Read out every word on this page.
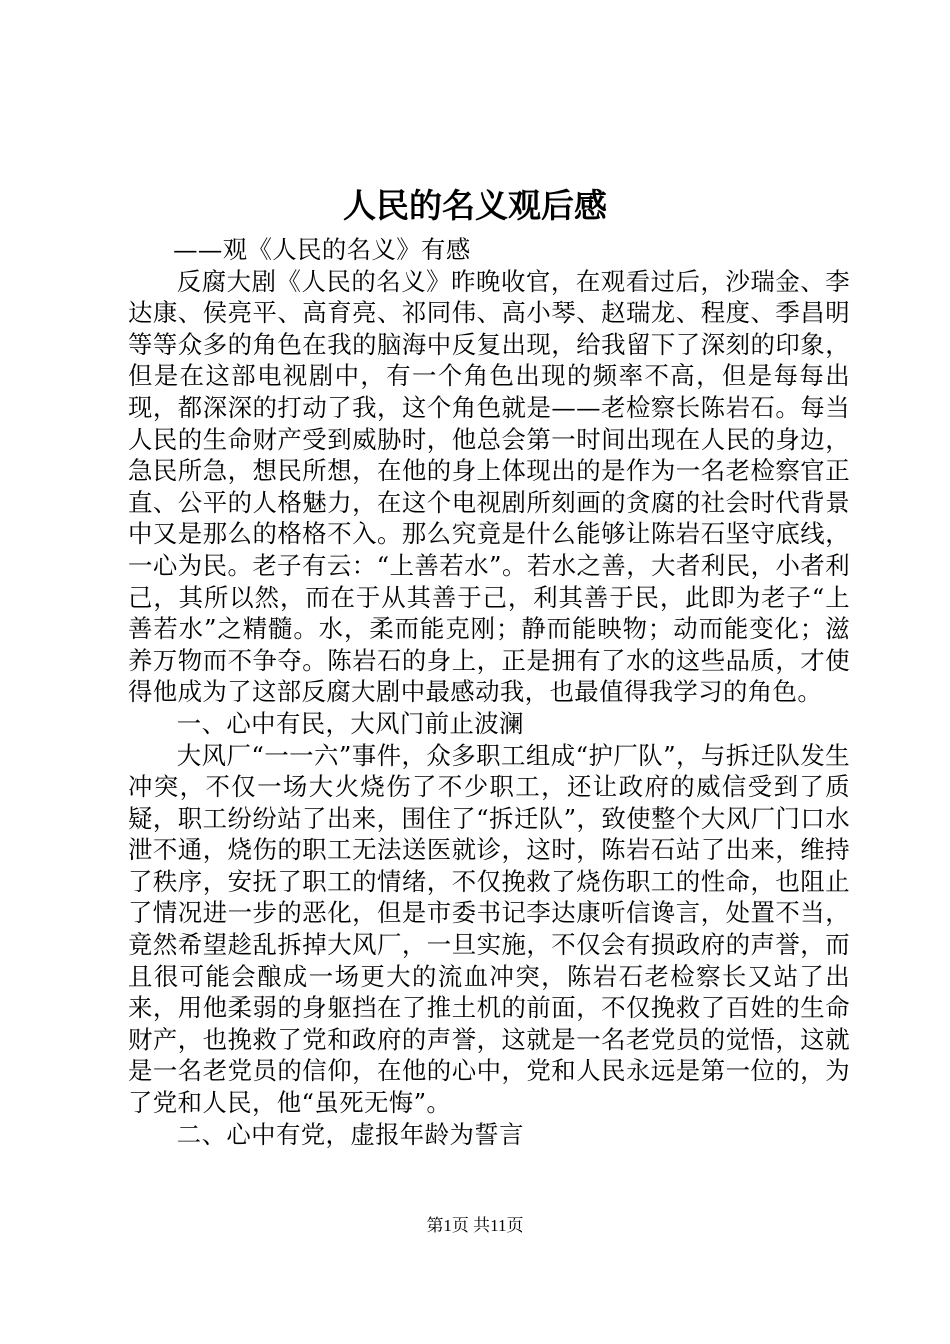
人民的名义观后感

——观《人民的名义》有感

反腐大剧《人民的名义》昨晚收官，在观看过后，沙瑞金、李达康、侯亮平、高育亮、祁同伟、高小琴、赵瑞龙、程度、季昌明等等众多的角色在我的脑海中反复出现，给我留下了深刻的印象，但是在这部电视剧中，有一个角色出现的频率不高，但是每每出现，都深深的打动了我，这个角色就是——老检察长陈岩石。每当人民的生命财产受到威胁时，他总会第一时间出现在人民的身边，急民所急，想民所想，在他的身上体现出的是作为一名老检察官正直、公平的人格魅力，在这个电视剧所刻画的贪腐的社会时代背景中又是那么的格格不入。那么究竟是什么能够让陈岩石坚守底线，一心为民。老子有云：“上善若水”。若水之善，大者利民，小者利己，其所以然，而在于从其善于己，利其善于民，此即为老子“上善若水”之精髓。水，柔而能克刚；静而能映物；动而能变化；滋养万物而不争夺。陈岩石的身上，正是拥有了水的这些品质，才使得他成为了这部反腐大剧中最感动我，也最值得我学习的角色。

一、心中有民，大风门前止波澜

大风厂“一一六”事件，众多职工组成“护厂队”，与拆迁队发生冲突，不仅一场大火烧伤了不少职工，还让政府的威信受到了质疑，职工纷纷站了出来，围住了“拆迁队”，致使整个大风厂门口水泄不通，烧伤的职工无法送医就诊，这时，陈岩石站了出来，维持了秩序，安抚了职工的情绪，不仅挽救了烧伤职工的性命，也阻止了情况进一步的恶化，但是市委书记李达康听信谗言，处置不当，竟然希望趁乱拆掉大风厂，一旦实施，不仅会有损政府的声誉，而且很可能会酿成一场更大的流血冲突，陈岩石老检察长又站了出来，用他柔弱的身躯挡在了推土机的前面，不仅挽救了百姓的生命财产，也挽救了党和政府的声誉，这就是一名老党员的觉悟，这就是一名老党员的信仰，在他的心中，党和人民永远是第一位的，为了党和人民，他“虽死无悔”。

二、心中有党，虚报年龄为誓言

第1页 共11页
